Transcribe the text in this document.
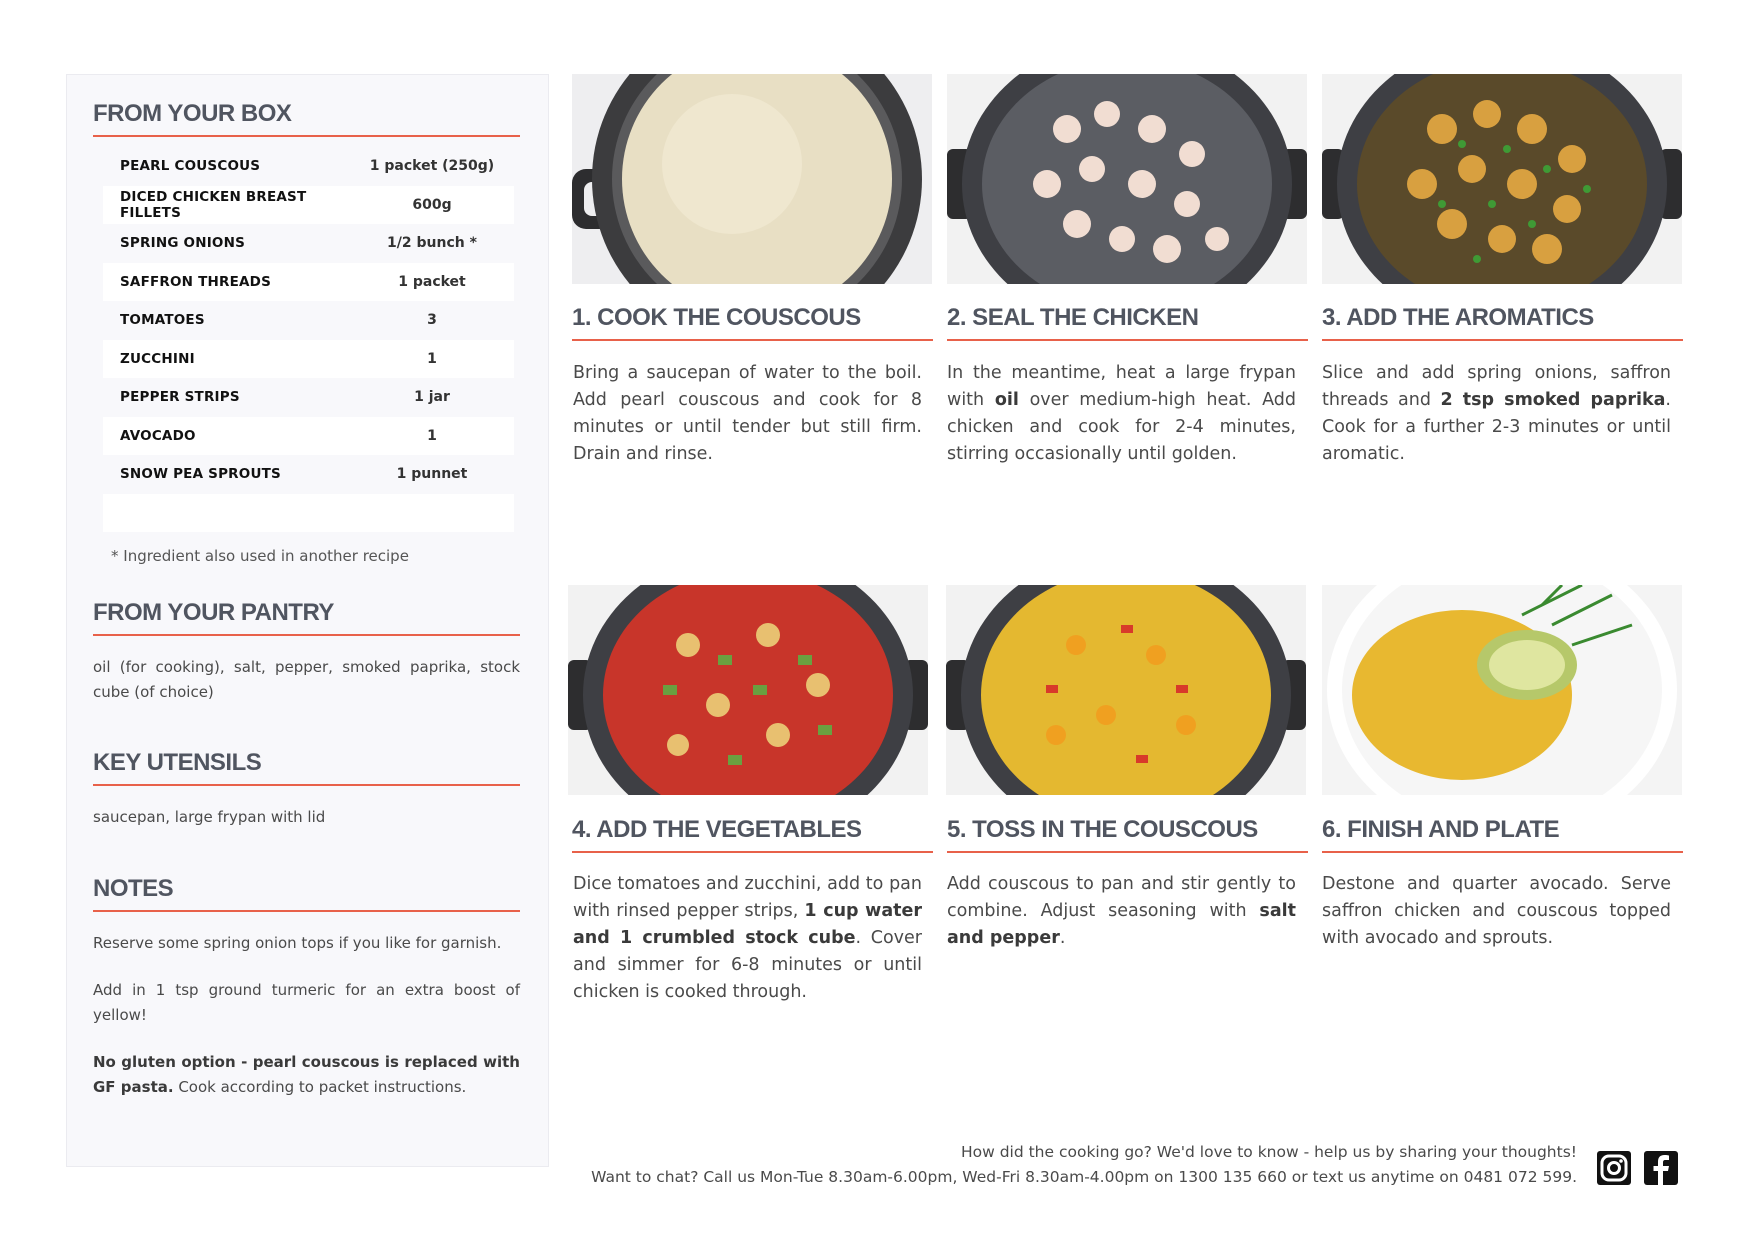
FROM YOUR BOX
PEARL COUSCOUS	1 packet (250g)
DICED CHICKEN BREAST FILLETS	600g
SPRING ONIONS	1/2 bunch *
SAFFRON THREADS	1 packet
TOMATOES	3
ZUCCHINI	1
PEPPER STRIPS	1 jar
AVOCADO	1
SNOW PEA SPROUTS	1 punnet
* Ingredient also used in another recipe
FROM YOUR PANTRY

oil (for cooking), salt, pepper, smoked paprika, stock cube (of choice)

KEY UTENSILS

saucepan, large frypan with lid

NOTES

Reserve some spring onion tops if you like for garnish.

Add in 1 tsp ground turmeric for an extra boost of yellow!

No gluten option - pearl couscous is replaced with GF pasta. Cook according to packet instructions.

1. COOK THE COUSCOUS	2. SEAL THE CHICKEN	3. ADD THE AROMATICS
4. ADD THE VEGETABLES	5. TOSS IN THE COUSCOUS	6. FINISH AND PLATE

Bring a saucepan of water to the boil. Add pearl couscous and cook for 8 minutes or until tender but still firm. Drain and rinse.

In the meantime, heat a large frypan with oil over medium-high heat. Add chicken and cook for 2-4 minutes, stirring occasionally until golden.

Slice and add spring onions, saffron threads and 2 tsp smoked paprika. Cook for a further 2-3 minutes or until aromatic.

Dice tomatoes and zucchini, add to pan with rinsed pepper strips, 1 cup water and 1 crumbled stock cube. Cover and simmer for 6-8 minutes or until chicken is cooked through.

Add couscous to pan and stir gently to combine. Adjust seasoning with salt and pepper.

Destone and quarter avocado. Serve saffron chicken and couscous topped with avocado and sprouts.

How did the cooking go? We'd love to know - help us by sharing your thoughts!
Want to chat? Call us Mon-Tue 8.30am-6.00pm, Wed-Fri 8.30am-4.00pm on 1300 135 660 or text us anytime on 0481 072 599.
